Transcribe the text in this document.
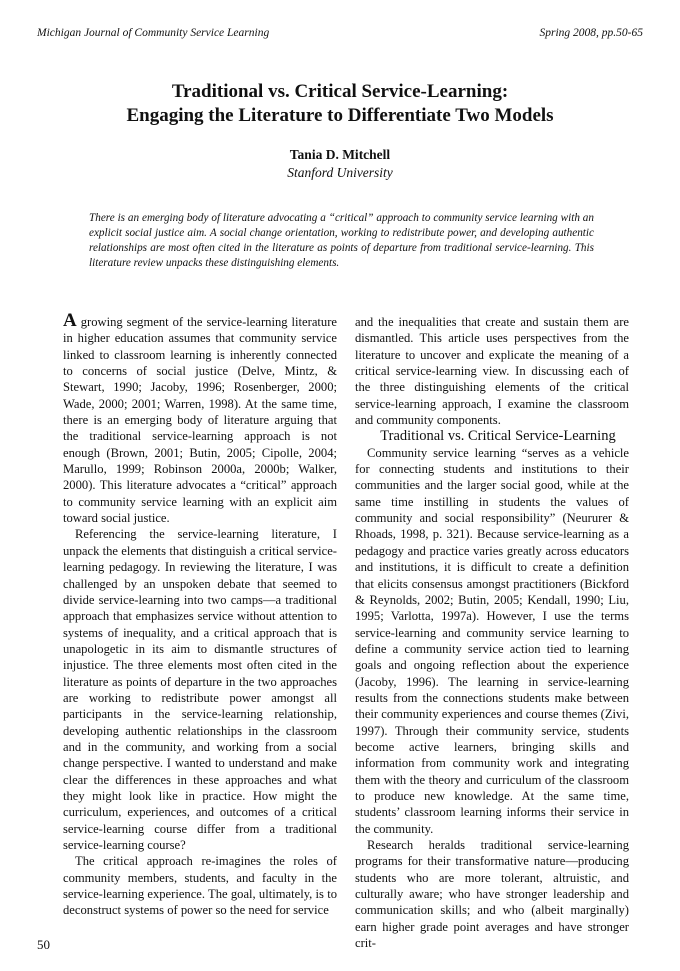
Michigan Journal of Community Service Learning	Spring 2008, pp.50-65
Traditional vs. Critical Service-Learning:
Engaging the Literature to Differentiate Two Models
Tania D. Mitchell
Stanford University
There is an emerging body of literature advocating a “critical” approach to community service learning with an explicit social justice aim. A social change orientation, working to redistribute power, and developing authentic relationships are most often cited in the literature as points of departure from traditional service-learning. This literature review unpacks these distinguishing elements.

A growing segment of the service-learning literature in higher education assumes that community service linked to classroom learning is inherently connected to concerns of social justice (Delve, Mintz, & Stewart, 1990; Jacoby, 1996; Rosenberger, 2000; Wade, 2000; 2001; Warren, 1998). At the same time, there is an emerging body of literature arguing that the traditional service-learning approach is not enough (Brown, 2001; Butin, 2005; Cipolle, 2004; Marullo, 1999; Robinson 2000a, 2000b; Walker, 2000). This literature advocates a “critical” approach to community service learning with an explicit aim toward social justice.

Referencing the service-learning literature, I unpack the elements that distinguish a critical service-learning pedagogy. In reviewing the literature, I was challenged by an unspoken debate that seemed to divide service-learning into two camps—a traditional approach that emphasizes service without attention to systems of inequality, and a critical approach that is unapologetic in its aim to dismantle structures of injustice. The three elements most often cited in the literature as points of departure in the two approaches are working to redistribute power amongst all participants in the service-learning relationship, developing authentic relationships in the classroom and in the community, and working from a social change perspective. I wanted to understand and make clear the differences in these approaches and what they might look like in practice. How might the curriculum, experiences, and outcomes of a critical service-learning course differ from a traditional service-learning course?

The critical approach re-imagines the roles of community members, students, and faculty in the service-learning experience. The goal, ultimately, is to deconstruct systems of power so the need for service

and the inequalities that create and sustain them are dismantled. This article uses perspectives from the literature to uncover and explicate the meaning of a critical service-learning view. In discussing each of the three distinguishing elements of the critical service-learning approach, I examine the classroom and community components.

Traditional vs. Critical Service-Learning

Community service learning “serves as a vehicle for connecting students and institutions to their communities and the larger social good, while at the same time instilling in students the values of community and social responsibility” (Neururer & Rhoads, 1998, p. 321). Because service-learning as a pedagogy and practice varies greatly across educators and institutions, it is difficult to create a definition that elicits consensus amongst practitioners (Bickford & Reynolds, 2002; Butin, 2005; Kendall, 1990; Liu, 1995; Varlotta, 1997a). However, I use the terms service-learning and community service learning to define a community service action tied to learning goals and ongoing reflection about the experience (Jacoby, 1996). The learning in service-learning results from the connections students make between their community experiences and course themes (Zivi, 1997). Through their community service, students become active learners, bringing skills and information from community work and integrating them with the theory and curriculum of the classroom to produce new knowledge. At the same time, students’ classroom learning informs their service in the community.

Research heralds traditional service-learning programs for their transformative nature—producing students who are more tolerant, altruistic, and culturally aware; who have stronger leadership and communication skills; and who (albeit marginally) earn higher grade point averages and have stronger crit-

50
